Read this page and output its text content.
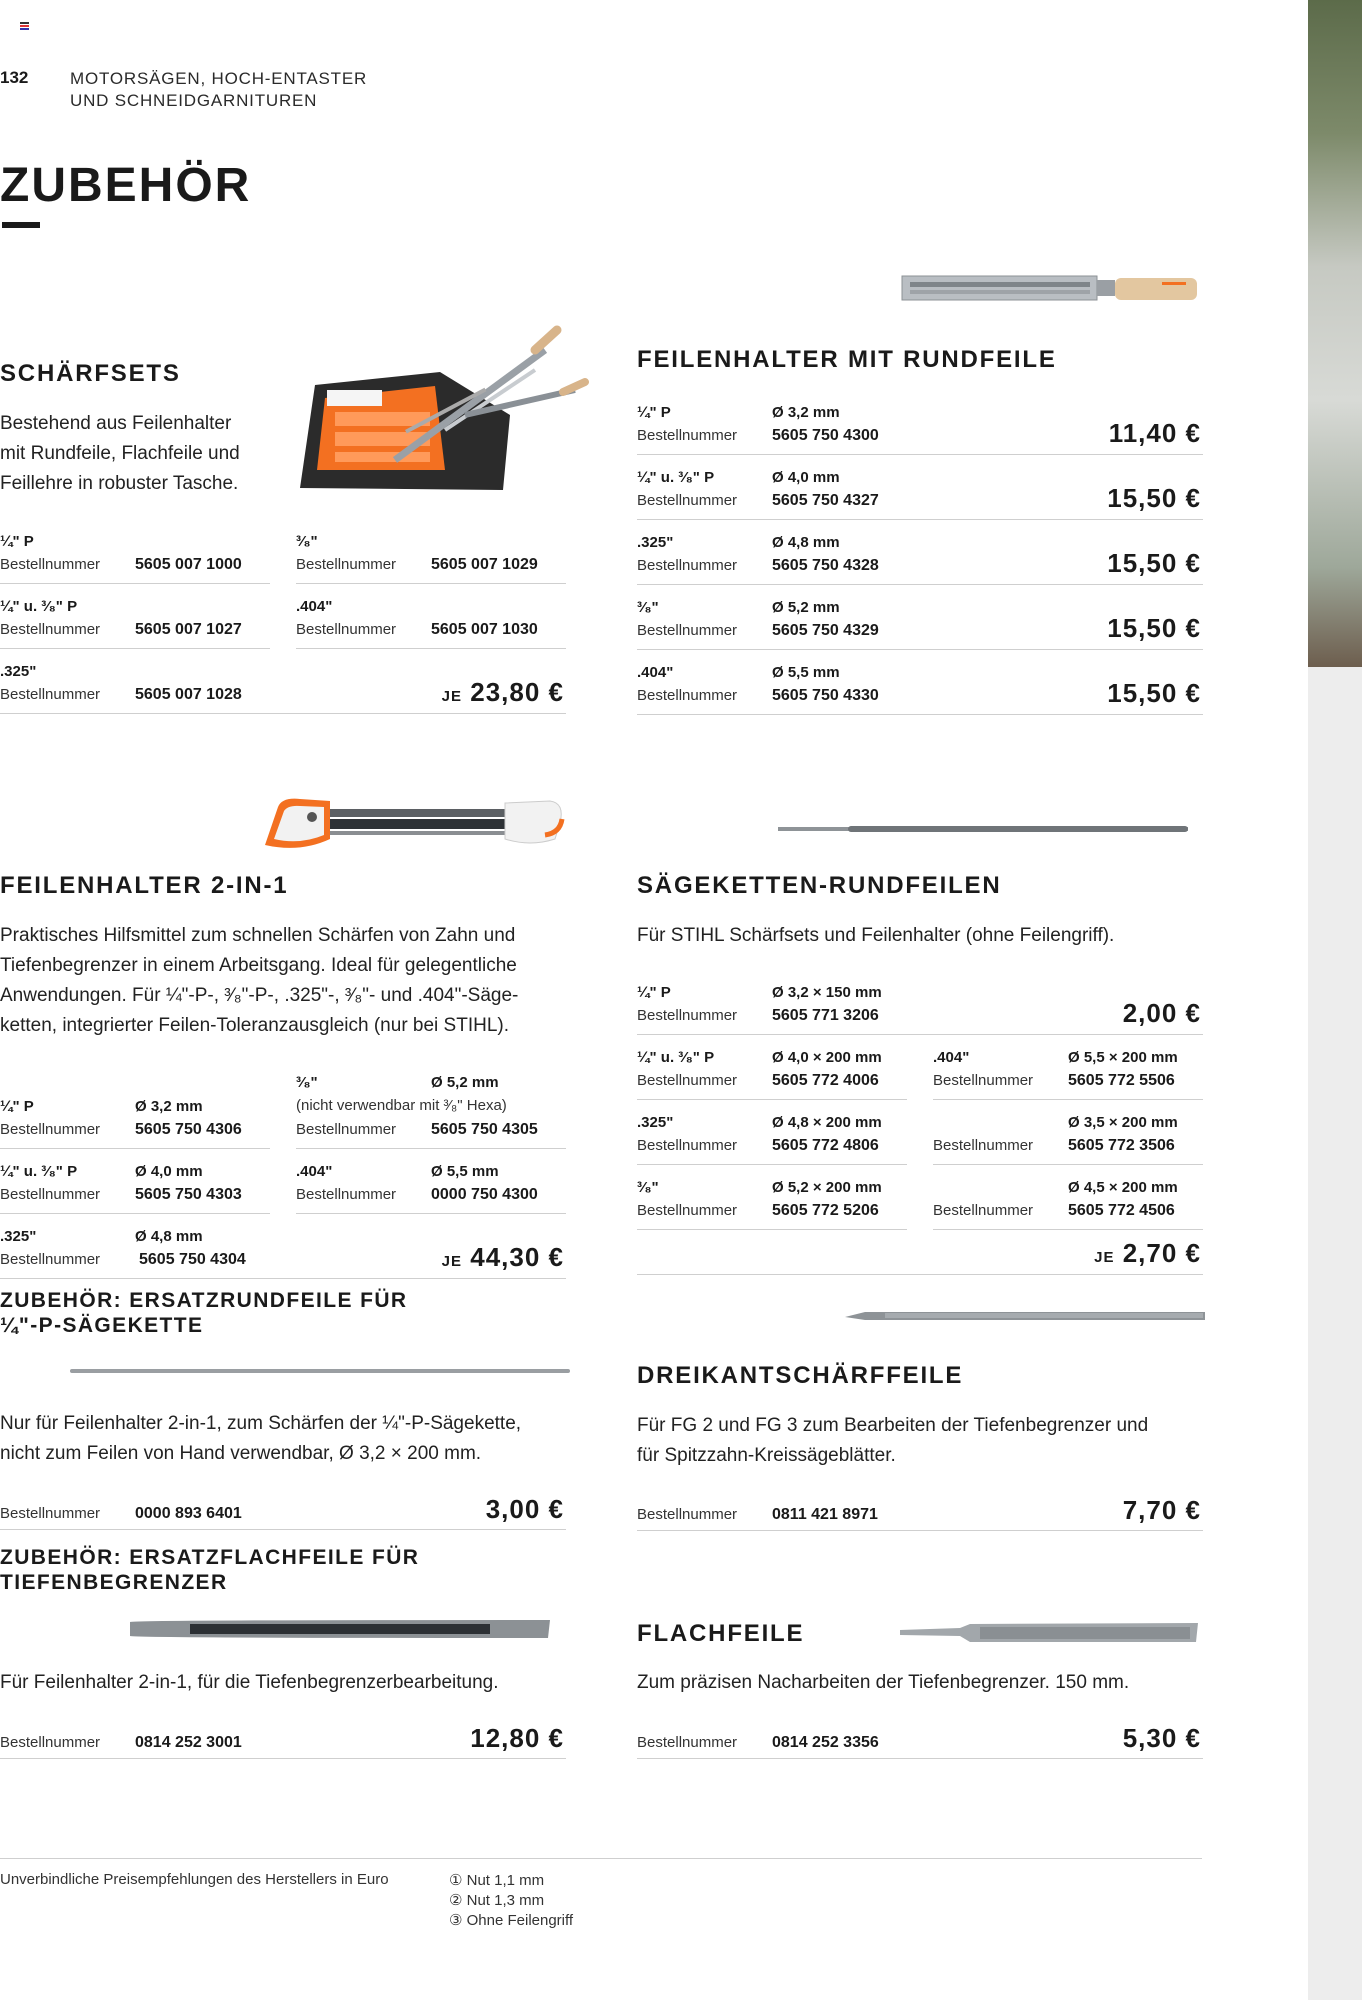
132 MOTORSÄGEN, HOCH-ENTASTER
UND SCHNEIDGARNITUREN
ZUBEHÖR
SCHÄRFSETS
Bestehend aus Feilenhalter
mit Rundfeile, Flachfeile und
Feillehre in robuster Tasche.
¼" P
Bestellnummer 5605 007 1000
¼" u. ³⁄₈" P
Bestellnummer 5605 007 1027
.325"
Bestellnummer 5605 007 1028	JE 23,80 €
³⁄₈"
Bestellnummer 5605 007 1029
.404"
Bestellnummer 5605 007 1030
FEILENHALTER MIT RUNDFEILE
¼" P	Ø 3,2 mm
Bestellnummer 5605 750 4300	11,40 €
¼" u. ³⁄₈" P	Ø 4,0 mm
Bestellnummer 5605 750 4327	15,50 €
.325"	Ø 4,8 mm
Bestellnummer 5605 750 4328	15,50 €
³⁄₈"	Ø 5,2 mm
Bestellnummer 5605 750 4329	15,50 €
.404"	Ø 5,5 mm
Bestellnummer 5605 750 4330	15,50 €
FEILENHALTER 2-IN-1
Praktisches Hilfsmittel zum schnellen Schärfen von Zahn und
Tiefenbegrenzer in einem Arbeitsgang. Ideal für gelegentliche
Anwendungen. Für ¼"-P-, ³⁄₈"-P-, .325"-, ³⁄₈"- und .404"-Säge-
ketten, integrierter Feilen-Toleranzausgleich (nur bei STIHL).
¼" P	Ø 3,2 mm
Bestellnummer 5605 750 4306
¼" u. ³⁄₈" P	Ø 4,0 mm
Bestellnummer 5605 750 4303
.325"	Ø 4,8 mm
Bestellnummer 5605 750 4304	JE 44,30 €
³⁄₈"	Ø 5,2 mm
(nicht verwendbar mit ³⁄₈" Hexa)
Bestellnummer 5605 750 4305
.404"	Ø 5,5 mm
Bestellnummer 0000 750 4300
SÄGEKETTEN-RUNDFEILEN
Für STIHL Schärfsets und Feilenhalter (ohne Feilengriff).
¼" P	Ø 3,2 × 150 mm
Bestellnummer 5605 771 3206	2,00 €
¼" u. ³⁄₈" P	Ø 4,0 × 200 mm
Bestellnummer 5605 772 4006
.325"	Ø 4,8 × 200 mm
Bestellnummer 5605 772 4806
³⁄₈"	Ø 5,2 × 200 mm
Bestellnummer 5605 772 5206
.404"	Ø 5,5 × 200 mm
Bestellnummer 5605 772 5506
Ø 3,5 × 200 mm
Bestellnummer 5605 772 3506
Ø 4,5 × 200 mm
Bestellnummer 5605 772 4506
JE 2,70 €
ZUBEHÖR: ERSATZRUNDFEILE FÜR
¼"-P-SÄGEKETTE
Nur für Feilenhalter 2-in-1, zum Schärfen der ¼"-P-Sägekette,
nicht zum Feilen von Hand verwendbar, Ø 3,2 × 200 mm.
Bestellnummer 0000 893 6401	3,00 €
DREIKANTSCHÄRFFEILE
Für FG 2 und FG 3 zum Bearbeiten der Tiefenbegrenzer und
für Spitzzahn-Kreissägeblätter.
Bestellnummer 0811 421 8971	7,70 €
ZUBEHÖR: ERSATZFLACHFEILE FÜR
TIEFENBEGRENZER
Für Feilenhalter 2-in-1, für die Tiefenbegrenzerbearbeitung.
Bestellnummer 0814 252 3001	12,80 €
FLACHFEILE
Zum präzisen Nacharbeiten der Tiefenbegrenzer. 150 mm.
Bestellnummer 0814 252 3356	5,30 €
Unverbindliche Preisempfehlungen des Herstellers in Euro	① Nut 1,1 mm
② Nut 1,3 mm
③ Ohne Feilengriff
